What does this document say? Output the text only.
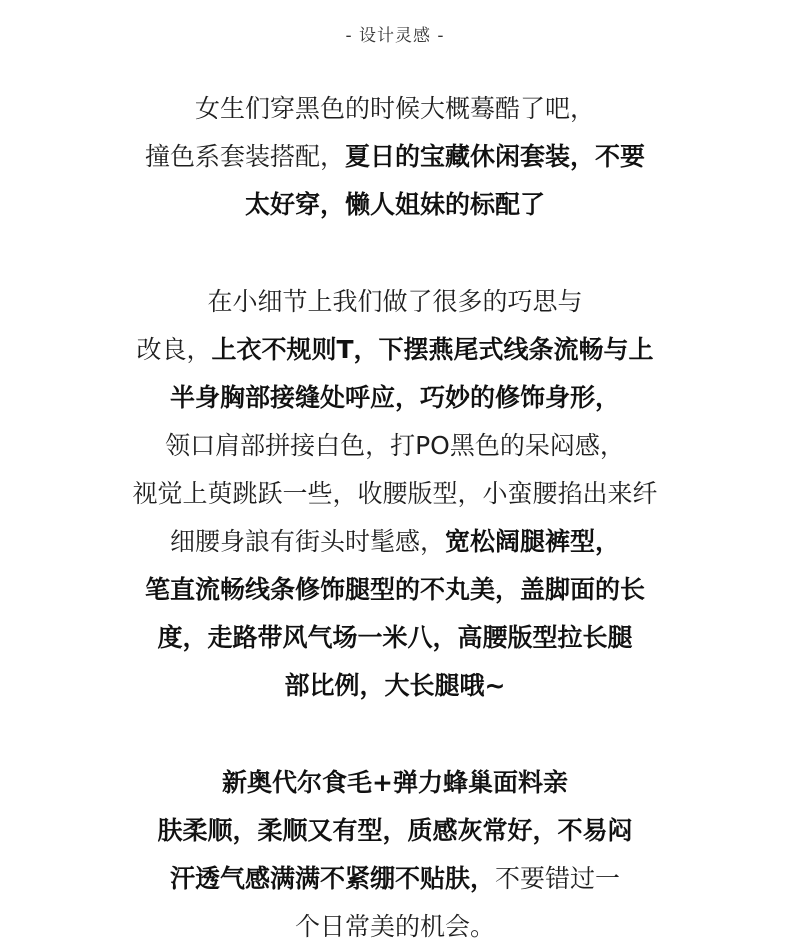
- 设计灵感 -
女生们穿黑色的时候大概蓦酷了吧，
撞色系套装搭配，夏日的宝藏休闲套装，不要
太好穿，懒人姐妹的标配了
在小细节上我们做了很多的巧思与
改良，上衣不规则T，下摆燕尾式线条流畅与上
半身胸部接缝处呼应，巧妙的修饰身形，
领口肩部拼接白色，打PO黑色的呆闷感，
视觉上萸跳跃一些，收腰版型，小蛮腰掐出来纤
细腰身誏有街头时髦感，宽松阔腿裤型，
笔直流畅线条修饰腿型的不丸美，盖脚面的长
度，走路带风气场一米八，高腰版型拉长腿
部比例，大长腿哦~
新奥代尔食毛+弹力蜂巢面料亲
肤柔顺，柔顺又有型，质感灰常好，不易闷
汗透气感满满不紧绷不贴肤，不要错过一
个日常美的机会。
